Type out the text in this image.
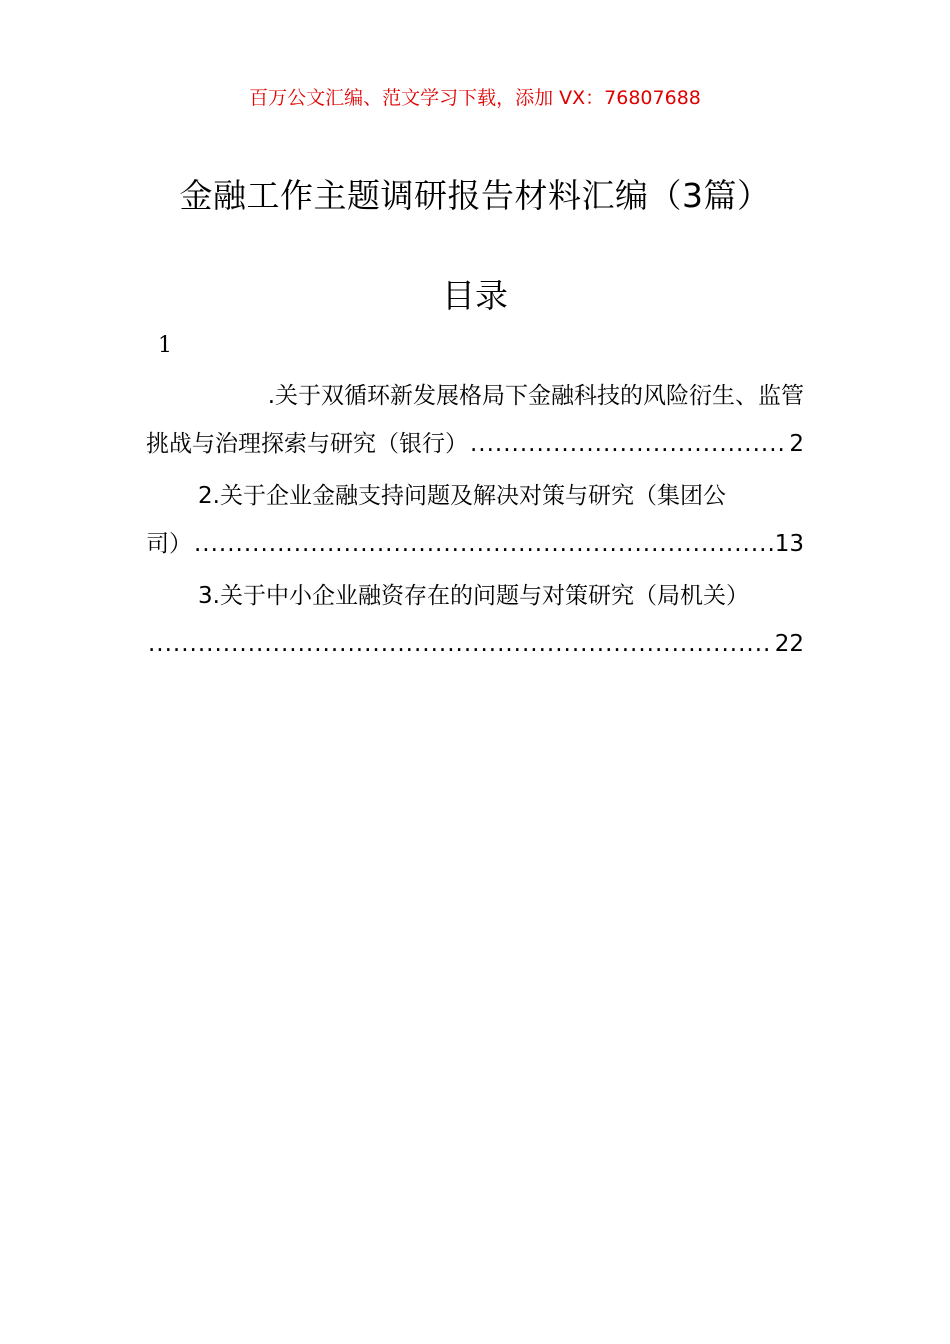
百万公文汇编、范文学习下载，添加 VX：76807688
金融工作主题调研报告材料汇编（3篇）
目录
1
.关于双循环新发展格局下金融科技的风险衍生、监管
挑战与治理探索与研究（银行） .....	2
2.关于企业金融支持问题及解决对策与研究（集团公
司） .....	13
3.关于中小企业融资存在的问题与对策研究（局机关）
.....
22
